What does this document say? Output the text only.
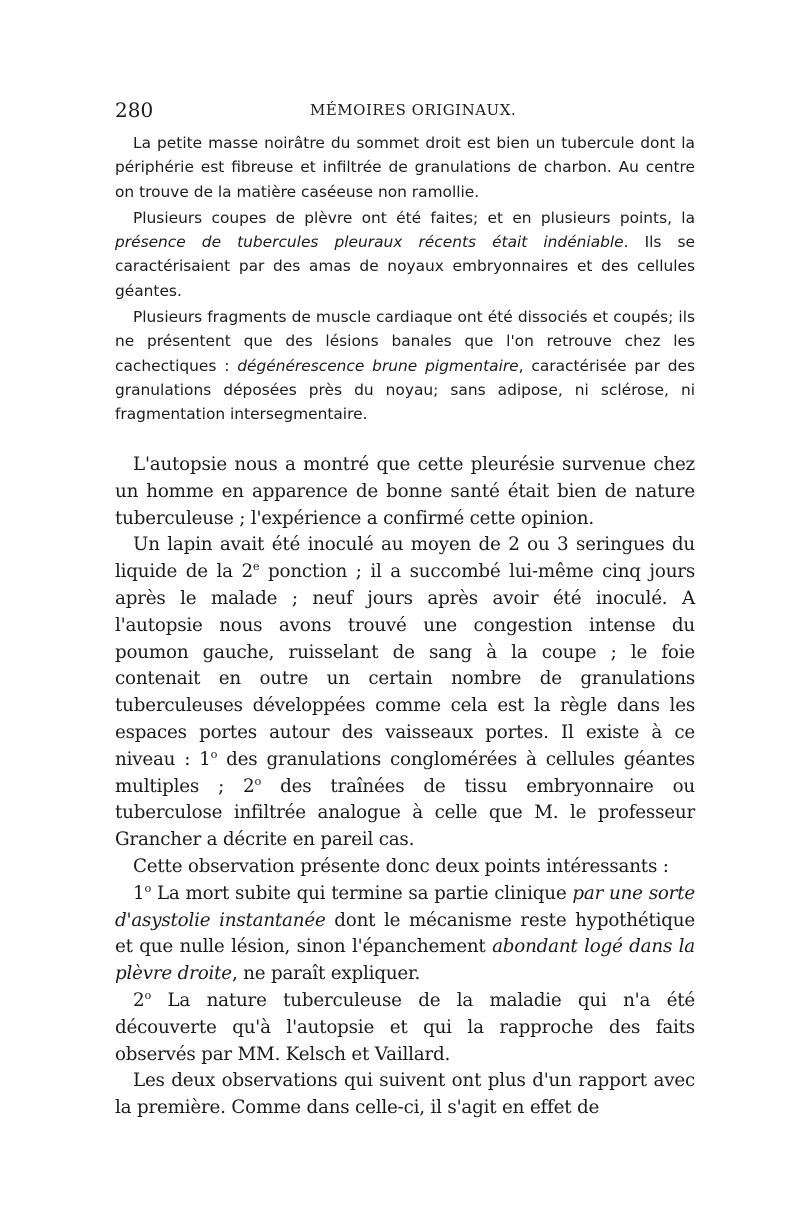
280	MÉMOIRES ORIGINAUX.

La petite masse noirâtre du sommet droit est bien un tubercule dont la périphérie est fibreuse et infiltrée de granulations de charbon. Au centre on trouve de la matière caséeuse non ramollie.

Plusieurs coupes de plèvre ont été faites; et en plusieurs points, la présence de tubercules pleuraux récents était indéniable. Ils se caractérisaient par des amas de noyaux embryonnaires et des cellules géantes.

Plusieurs fragments de muscle cardiaque ont été dissociés et coupés; ils ne présentent que des lésions banales que l'on retrouve chez les cachectiques : dégénérescence brune pigmentaire, caractérisée par des granulations déposées près du noyau; sans adipose, ni sclérose, ni fragmentation intersegmentaire.

L'autopsie nous a montré que cette pleurésie survenue chez un homme en apparence de bonne santé était bien de nature tuberculeuse ; l'expérience a confirmé cette opinion.

Un lapin avait été inoculé au moyen de 2 ou 3 seringues du liquide de la 2e ponction ; il a succombé lui-même cinq jours après le malade ; neuf jours après avoir été inoculé. A l'autopsie nous avons trouvé une congestion intense du poumon gauche, ruisselant de sang à la coupe ; le foie contenait en outre un certain nombre de granulations tuberculeuses développées comme cela est la règle dans les espaces portes autour des vaisseaux portes. Il existe à ce niveau : 1$^o$ des granulations conglomérées à cellules géantes multiples ; 2$^o$ des traînées de tissu embryonnaire ou tuberculose infiltrée analogue à celle que M. le professeur Grancher a décrite en pareil cas.

Cette observation présente donc deux points intéressants :

1$^o$ La mort subite qui termine sa partie clinique par une sorte d'asystolie instantanée dont le mécanisme reste hypothétique et que nulle lésion, sinon l'épanchement abondant logé dans la plèvre droite, ne paraît expliquer.

2$^o$ La nature tuberculeuse de la maladie qui n'a été découverte qu'à l'autopsie et qui la rapproche des faits observés par MM. Kelsch et Vaillard.

Les deux observations qui suivent ont plus d'un rapport avec la première. Comme dans celle-ci, il s'agit en effet de
